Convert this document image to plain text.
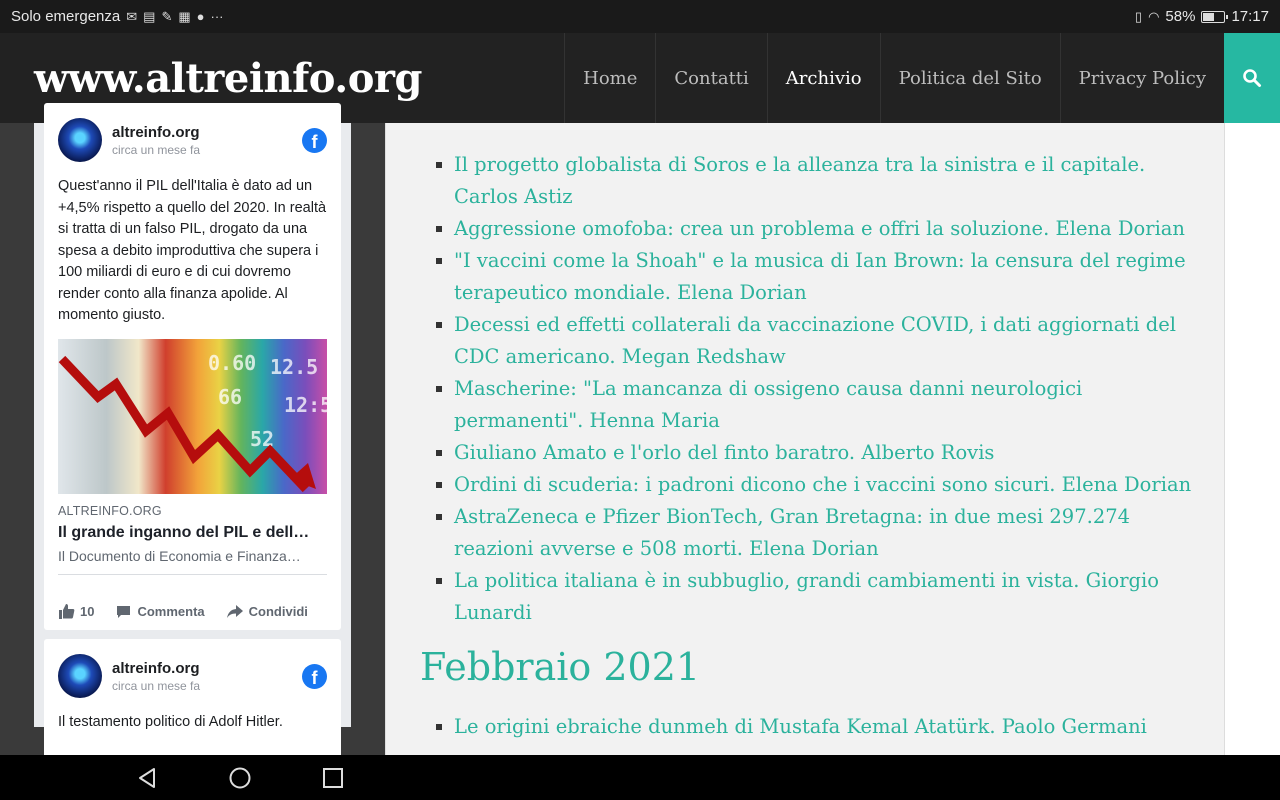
Solo emergenza ✉ ▤ ✎ ▦ ● ···	▯ ◠ 58% 17:17
www.altreinfo.org	Home	Contatti	Archivio	Politica del Sito	Privacy Policy
altreinfo.org
circa un mese fa	f
Quest'anno il PIL dell'Italia è dato ad un +4,5% rispetto a quello del 2020. In realtà si tratta di un falso PIL, drogato da una spesa a debito improduttiva che supera i 100 miliardi di euro e di cui dovremo render conto alla finanza apolide. Al momento giusto.
0.60 12.5
66 12:5
52
ALTREINFO.ORG
Il grande inganno del PIL e dell…
Il Documento di Economia e Finanza…
10	Commenta	Condividi
altreinfo.org
circa un mese fa	f
Il testamento politico di Adolf Hitler.
Il progetto globalista di Soros e la alleanza tra la sinistra e il capitale. Carlos Astiz
Aggressione omofoba: crea un problema e offri la soluzione. Elena Dorian
"I vaccini come la Shoah" e la musica di Ian Brown: la censura del regime terapeutico mondiale. Elena Dorian
Decessi ed effetti collaterali da vaccinazione COVID, i dati aggiornati del CDC americano. Megan Redshaw
Mascherine: "La mancanza di ossigeno causa danni neurologici permanenti". Henna Maria
Giuliano Amato e l'orlo del finto baratro. Alberto Rovis
Ordini di scuderia: i padroni dicono che i vaccini sono sicuri. Elena Dorian
AstraZeneca e Pfizer BionTech, Gran Bretagna: in due mesi 297.274 reazioni avverse e 508 morti. Elena Dorian
La politica italiana è in subbuglio, grandi cambiamenti in vista. Giorgio Lunardi
Febbraio 2021
Le origini ebraiche dunmeh di Mustafa Kemal Atatürk. Paolo Germani
